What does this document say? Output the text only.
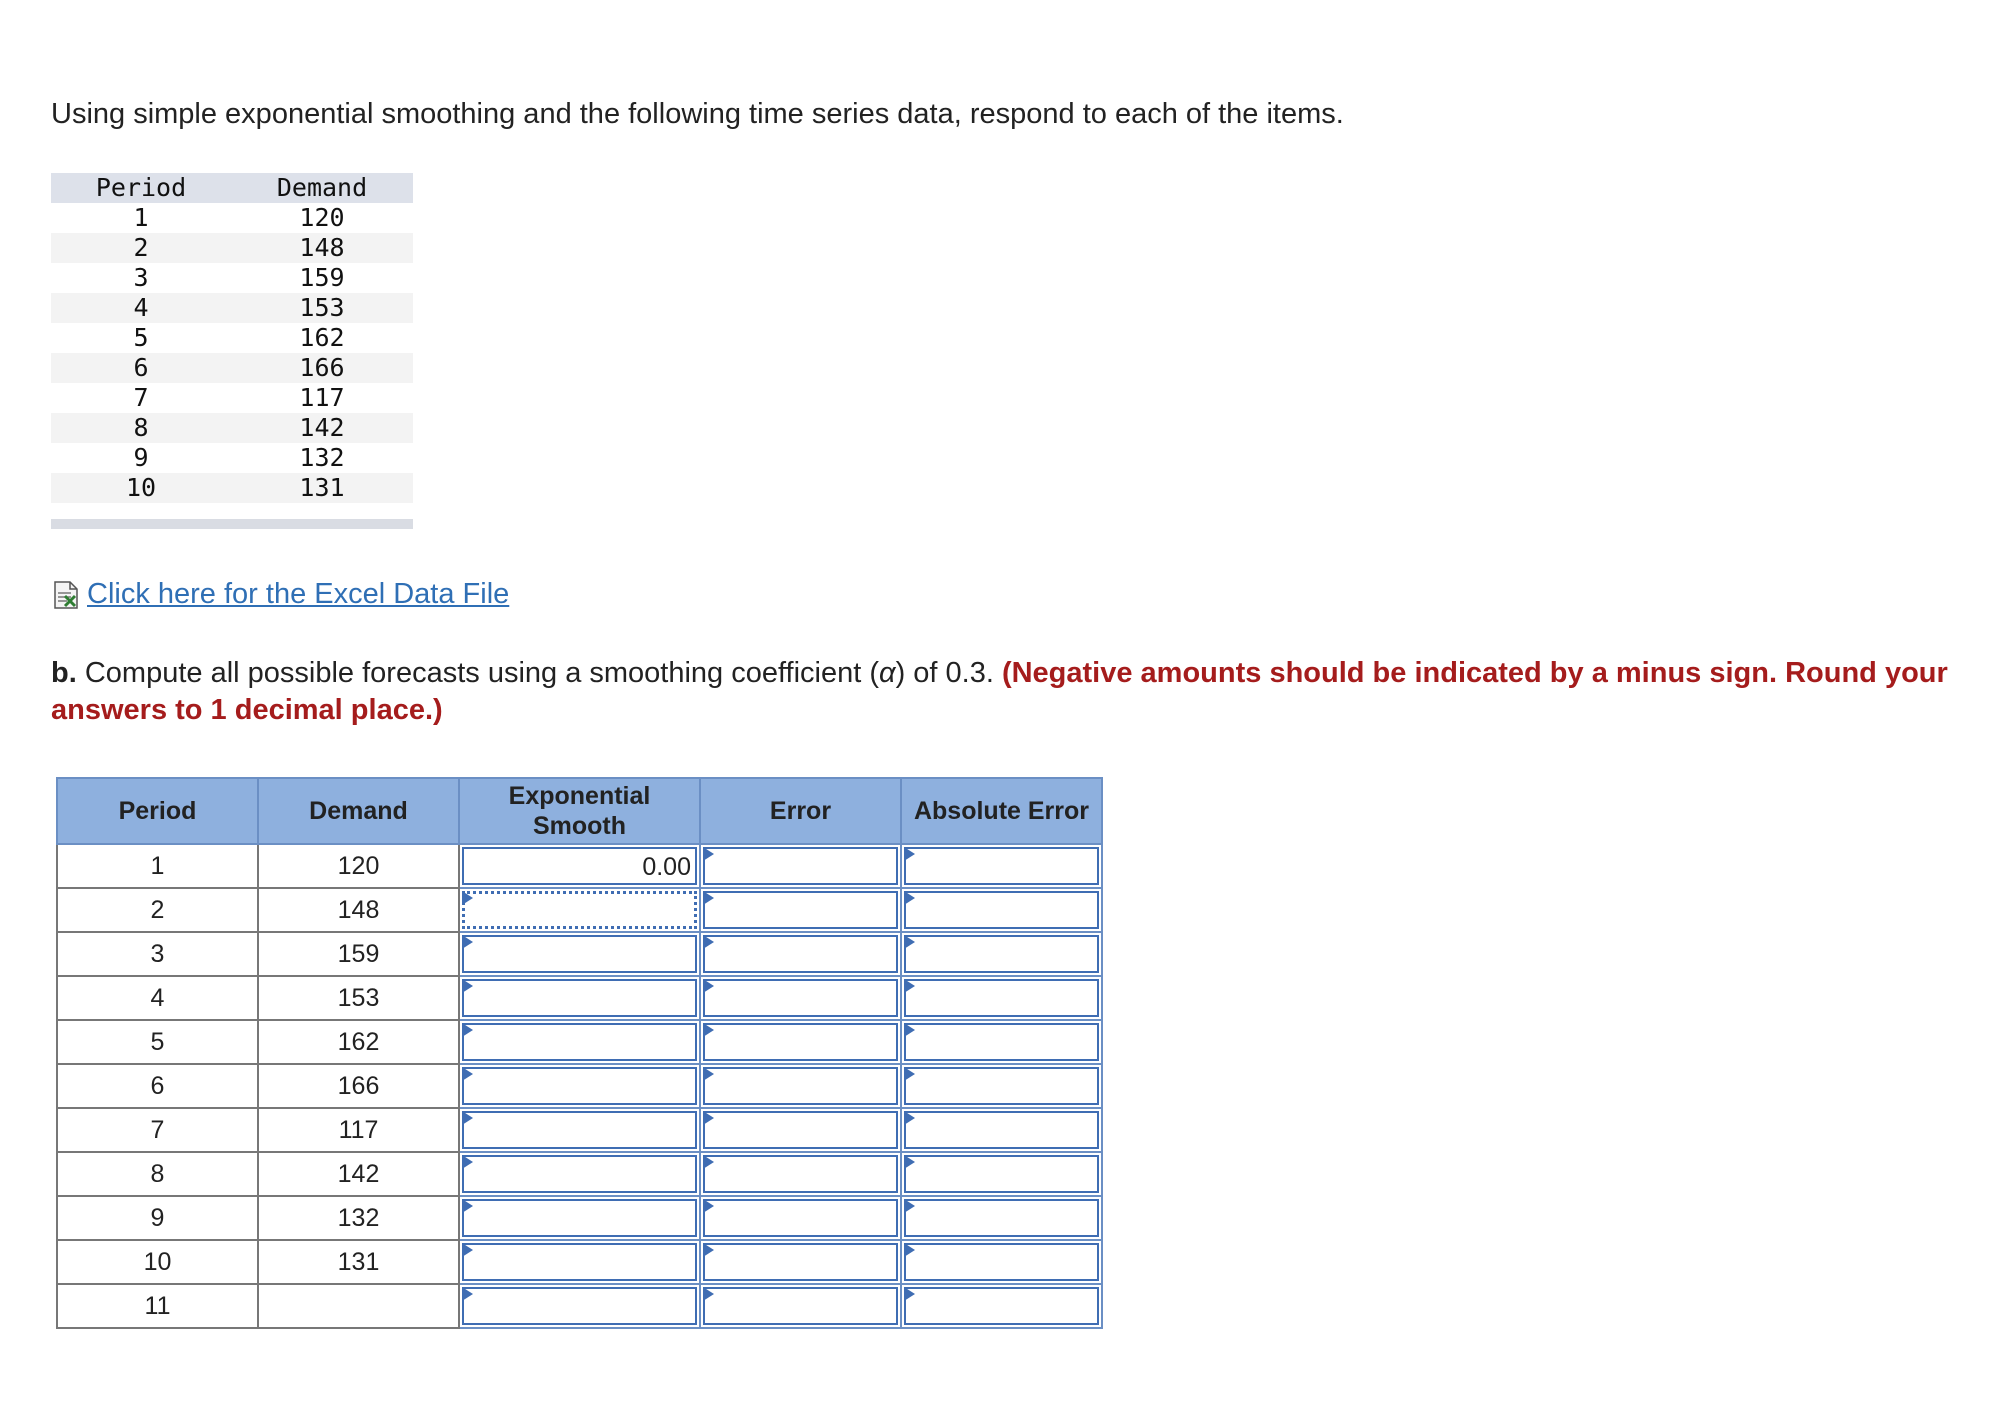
Using simple exponential smoothing and the following time series data, respond to each of the items.
Period	Demand
1	120
2	148
3	159
4	153
5	162
6	166
7	117
8	142
9	132
10	131
Click here for the Excel Data File
b. Compute all possible forecasts using a smoothing coefficient (α) of 0.3. (Negative amounts should be indicated by a minus sign. Round your answers to 1 decimal place.)
Period	Demand	Exponential Smooth	Error	Absolute Error
1	120	0.00		

2	148	

3	159	

4	153	

5	162	

6	166	

7	117	

8	142	

9	132	

10	131	

11		
